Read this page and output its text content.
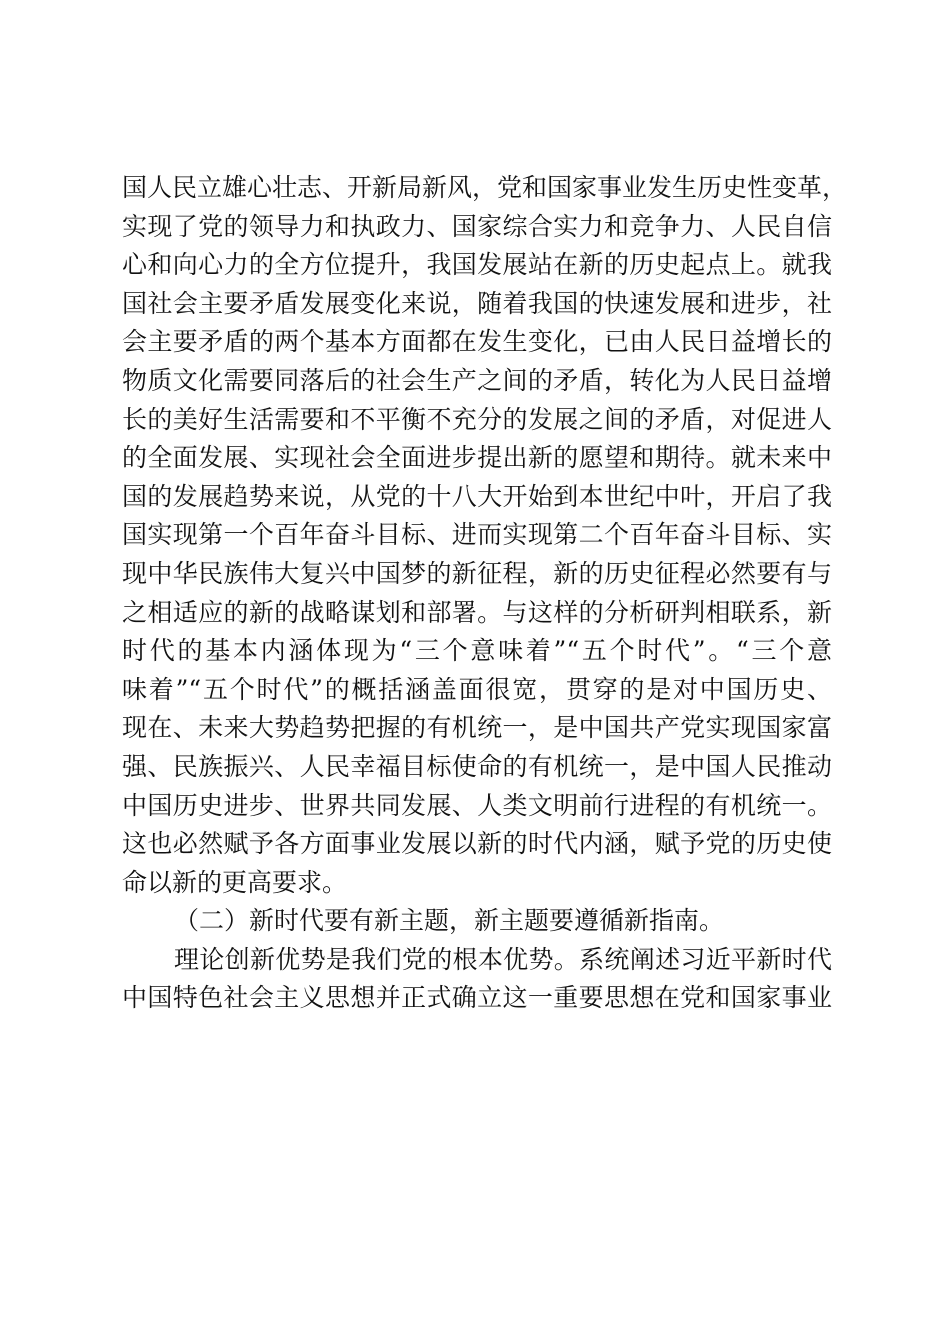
国人民立雄心壮志、开新局新风，党和国家事业发生历史性变革，
实现了党的领导力和执政力、国家综合实力和竞争力、人民自信
心和向心力的全方位提升，我国发展站在新的历史起点上。就我
国社会主要矛盾发展变化来说，随着我国的快速发展和进步，社
会主要矛盾的两个基本方面都在发生变化，已由人民日益增长的
物质文化需要同落后的社会生产之间的矛盾，转化为人民日益增
长的美好生活需要和不平衡不充分的发展之间的矛盾，对促进人
的全面发展、实现社会全面进步提出新的愿望和期待。就未来中
国的发展趋势来说，从党的十八大开始到本世纪中叶，开启了我
国实现第一个百年奋斗目标、进而实现第二个百年奋斗目标、实
现中华民族伟大复兴中国梦的新征程，新的历史征程必然要有与
之相适应的新的战略谋划和部署。与这样的分析研判相联系，新
时代的基本内涵体现为“三个意味着”“五个时代”。“三个意
味着”“五个时代”的概括涵盖面很宽，贯穿的是对中国历史、
现在、未来大势趋势把握的有机统一，是中国共产党实现国家富
强、民族振兴、人民幸福目标使命的有机统一，是中国人民推动
中国历史进步、世界共同发展、人类文明前行进程的有机统一。
这也必然赋予各方面事业发展以新的时代内涵，赋予党的历史使
命以新的更高要求。
（二）新时代要有新主题，新主题要遵循新指南。
理论创新优势是我们党的根本优势。系统阐述习近平新时代
中国特色社会主义思想并正式确立这一重要思想在党和国家事业
